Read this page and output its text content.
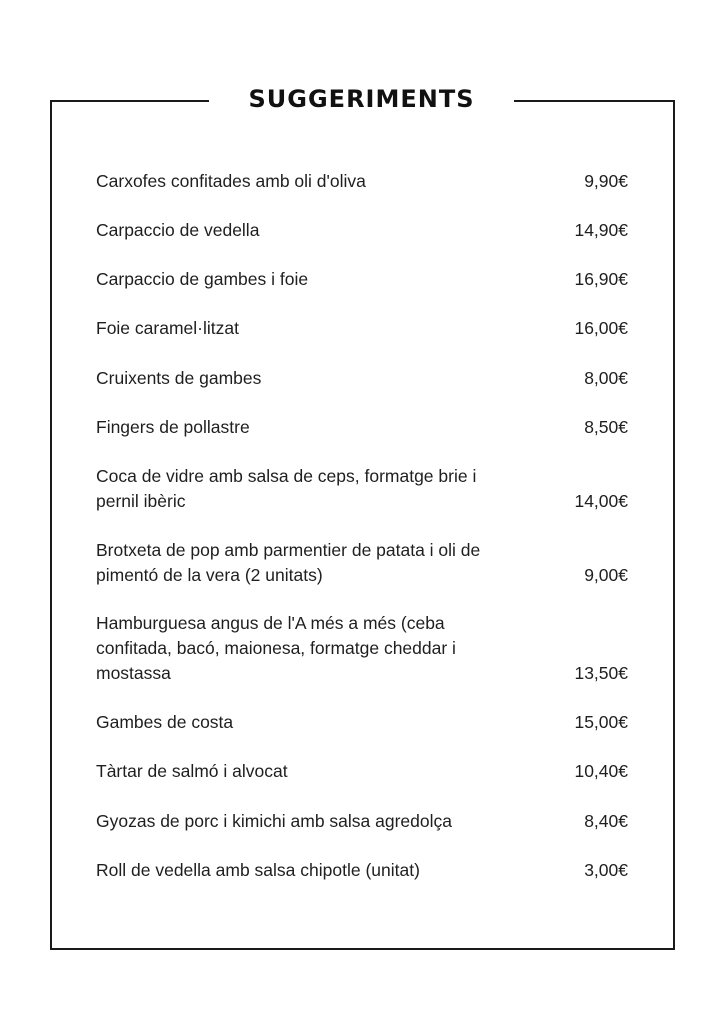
SUGGERIMENTS
Carxofes confitades amb oli d'oliva	9,90€
Carpaccio de vedella	14,90€
Carpaccio de gambes i foie	16,90€
Foie caramel·litzat	16,00€
Cruixents de gambes	8,00€
Fingers de pollastre	8,50€
Coca de vidre amb salsa de ceps, formatge brie i pernil ibèric	14,00€
Brotxeta de pop amb parmentier de patata i oli de pimentó de la vera (2 unitats)	9,00€
Hamburguesa angus de l'A més a més (ceba confitada, bacó, maionesa, formatge cheddar i mostassa	13,50€
Gambes de costa	15,00€
Tàrtar de salmó i alvocat	10,40€
Gyozas de porc i kimichi amb salsa agredolça	8,40€
Roll de vedella amb salsa chipotle (unitat)	3,00€
